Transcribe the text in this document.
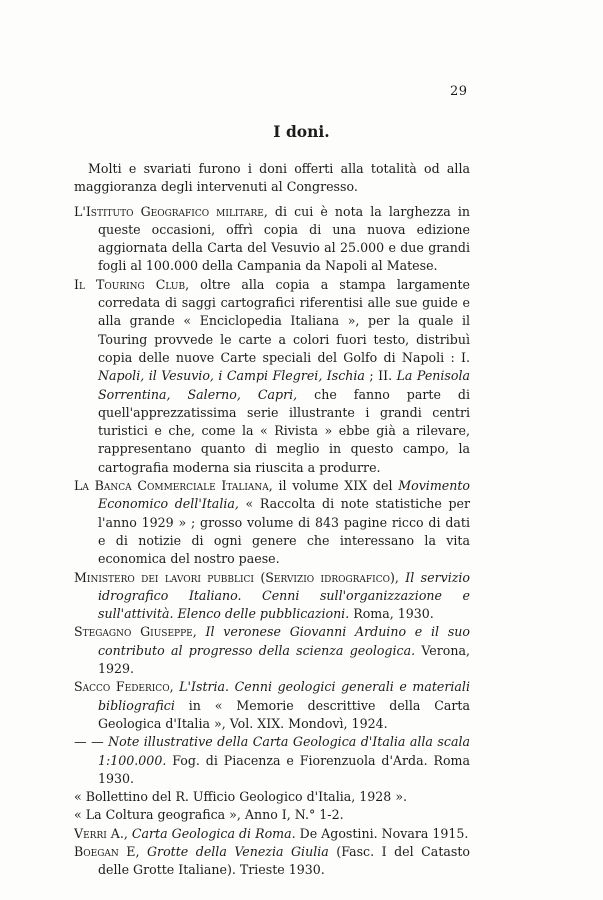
29
I doni.

Molti e svariati furono i doni offerti alla totalità od alla maggioranza degli intervenuti al Congresso.

L'Istituto Geografico militare, di cui è nota la larghezza in queste occasioni, offrì copia di una nuova edizione aggiornata della Carta del Vesuvio al 25.000 e due grandi fogli al 100.000 della Campania da Napoli al Matese.

Il Touring Club, oltre alla copia a stampa largamente corredata di saggi cartografici riferentisi alle sue guide e alla grande « Enciclopedia Italiana », per la quale il Touring provvede le carte a colori fuori testo, distribuì copia delle nuove Carte speciali del Golfo di Napoli : I. Napoli, il Vesuvio, i Campi Flegrei, Ischia ; II. La Penisola Sorrentina, Salerno, Capri, che fanno parte di quell'apprezzatissima serie illustrante i grandi centri turistici e che, come la « Rivista » ebbe già a rilevare, rappresentano quanto di meglio in questo campo, la cartografia moderna sia riuscita a produrre.

La Banca Commerciale Italiana, il volume XIX del Movimento Economico dell'Italia, « Raccolta di note statistiche per l'anno 1929 » ; grosso volume di 843 pagine ricco di dati e di notizie di ogni genere che interessano la vita economica del nostro paese.

Ministero dei lavori pubblici (Servizio idrografico), Il servizio idrografico Italiano. Cenni sull'organizzazione e sull'attività. Elenco delle pubblicazioni. Roma, 1930.

Stegagno Giuseppe, Il veronese Giovanni Arduino e il suo contributo al progresso della scienza geologica. Verona, 1929.

Sacco Federico, L'Istria. Cenni geologici generali e materiali bibliografici in « Memorie descrittive della Carta Geologica d'Italia », Vol. XIX. Mondovì, 1924.

— — Note illustrative della Carta Geologica d'Italia alla scala 1:100.000. Fog. di Piacenza e Fiorenzuola d'Arda. Roma 1930.

« Bollettino del R. Ufficio Geologico d'Italia, 1928 ».

« La Coltura geografica », Anno I, N.° 1-2.

Verri A., Carta Geologica di Roma. De Agostini. Novara 1915.

Boegan E, Grotte della Venezia Giulia (Fasc. I del Catasto delle Grotte Italiane). Trieste 1930.
